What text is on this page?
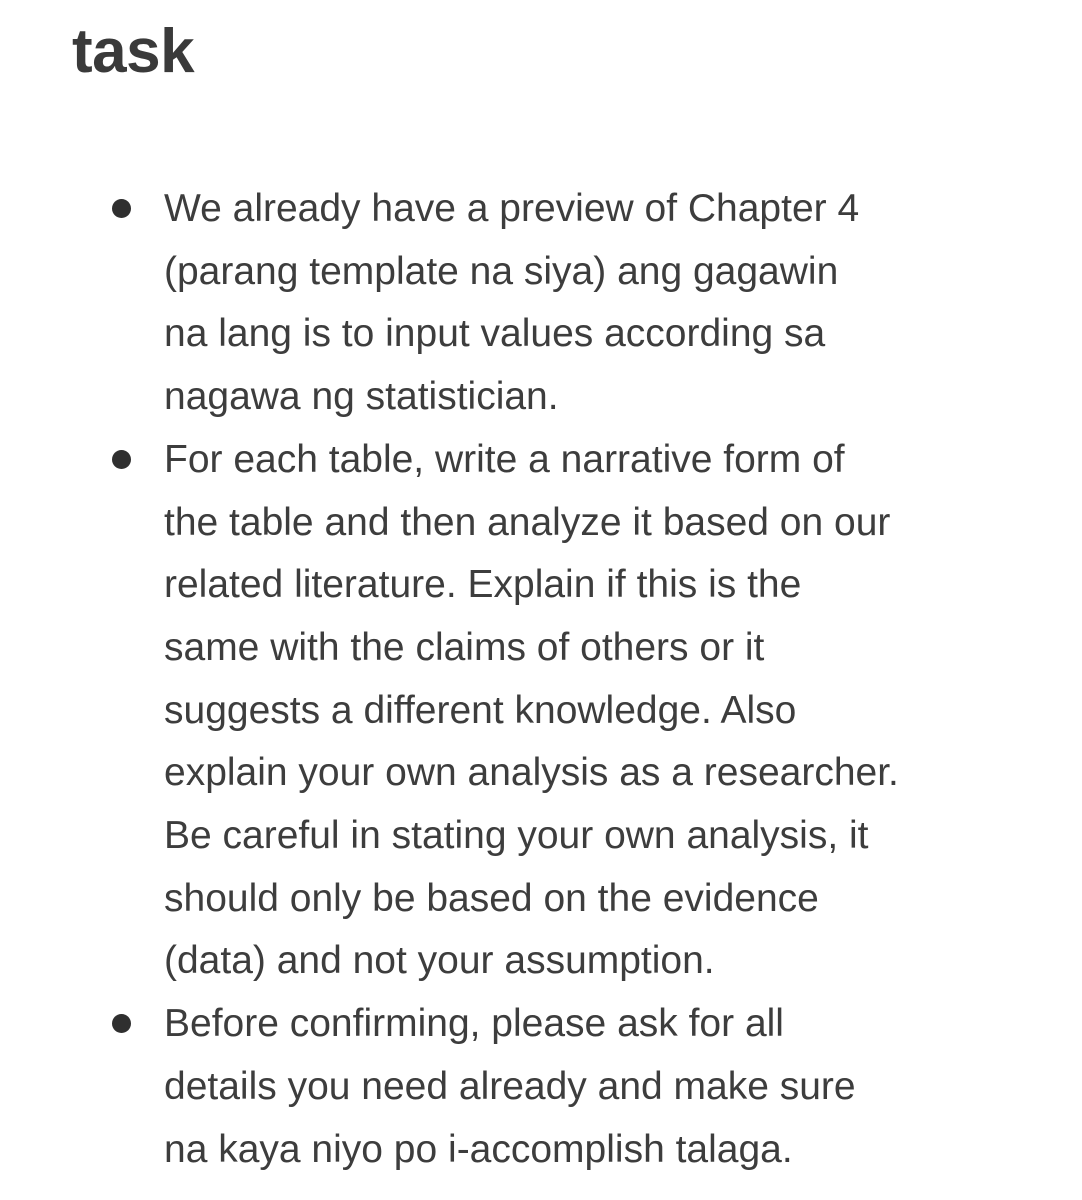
task
We already have a preview of Chapter 4
(parang template na siya) ang gagawin
na lang is to input values according sa
nagawa ng statistician.
For each table, write a narrative form of
the table and then analyze it based on our
related literature. Explain if this is the
same with the claims of others or it
suggests a different knowledge. Also
explain your own analysis as a researcher.
Be careful in stating your own analysis, it
should only be based on the evidence
(data) and not your assumption.
Before confirming, please ask for all
details you need already and make sure
na kaya niyo po i-accomplish talaga.
